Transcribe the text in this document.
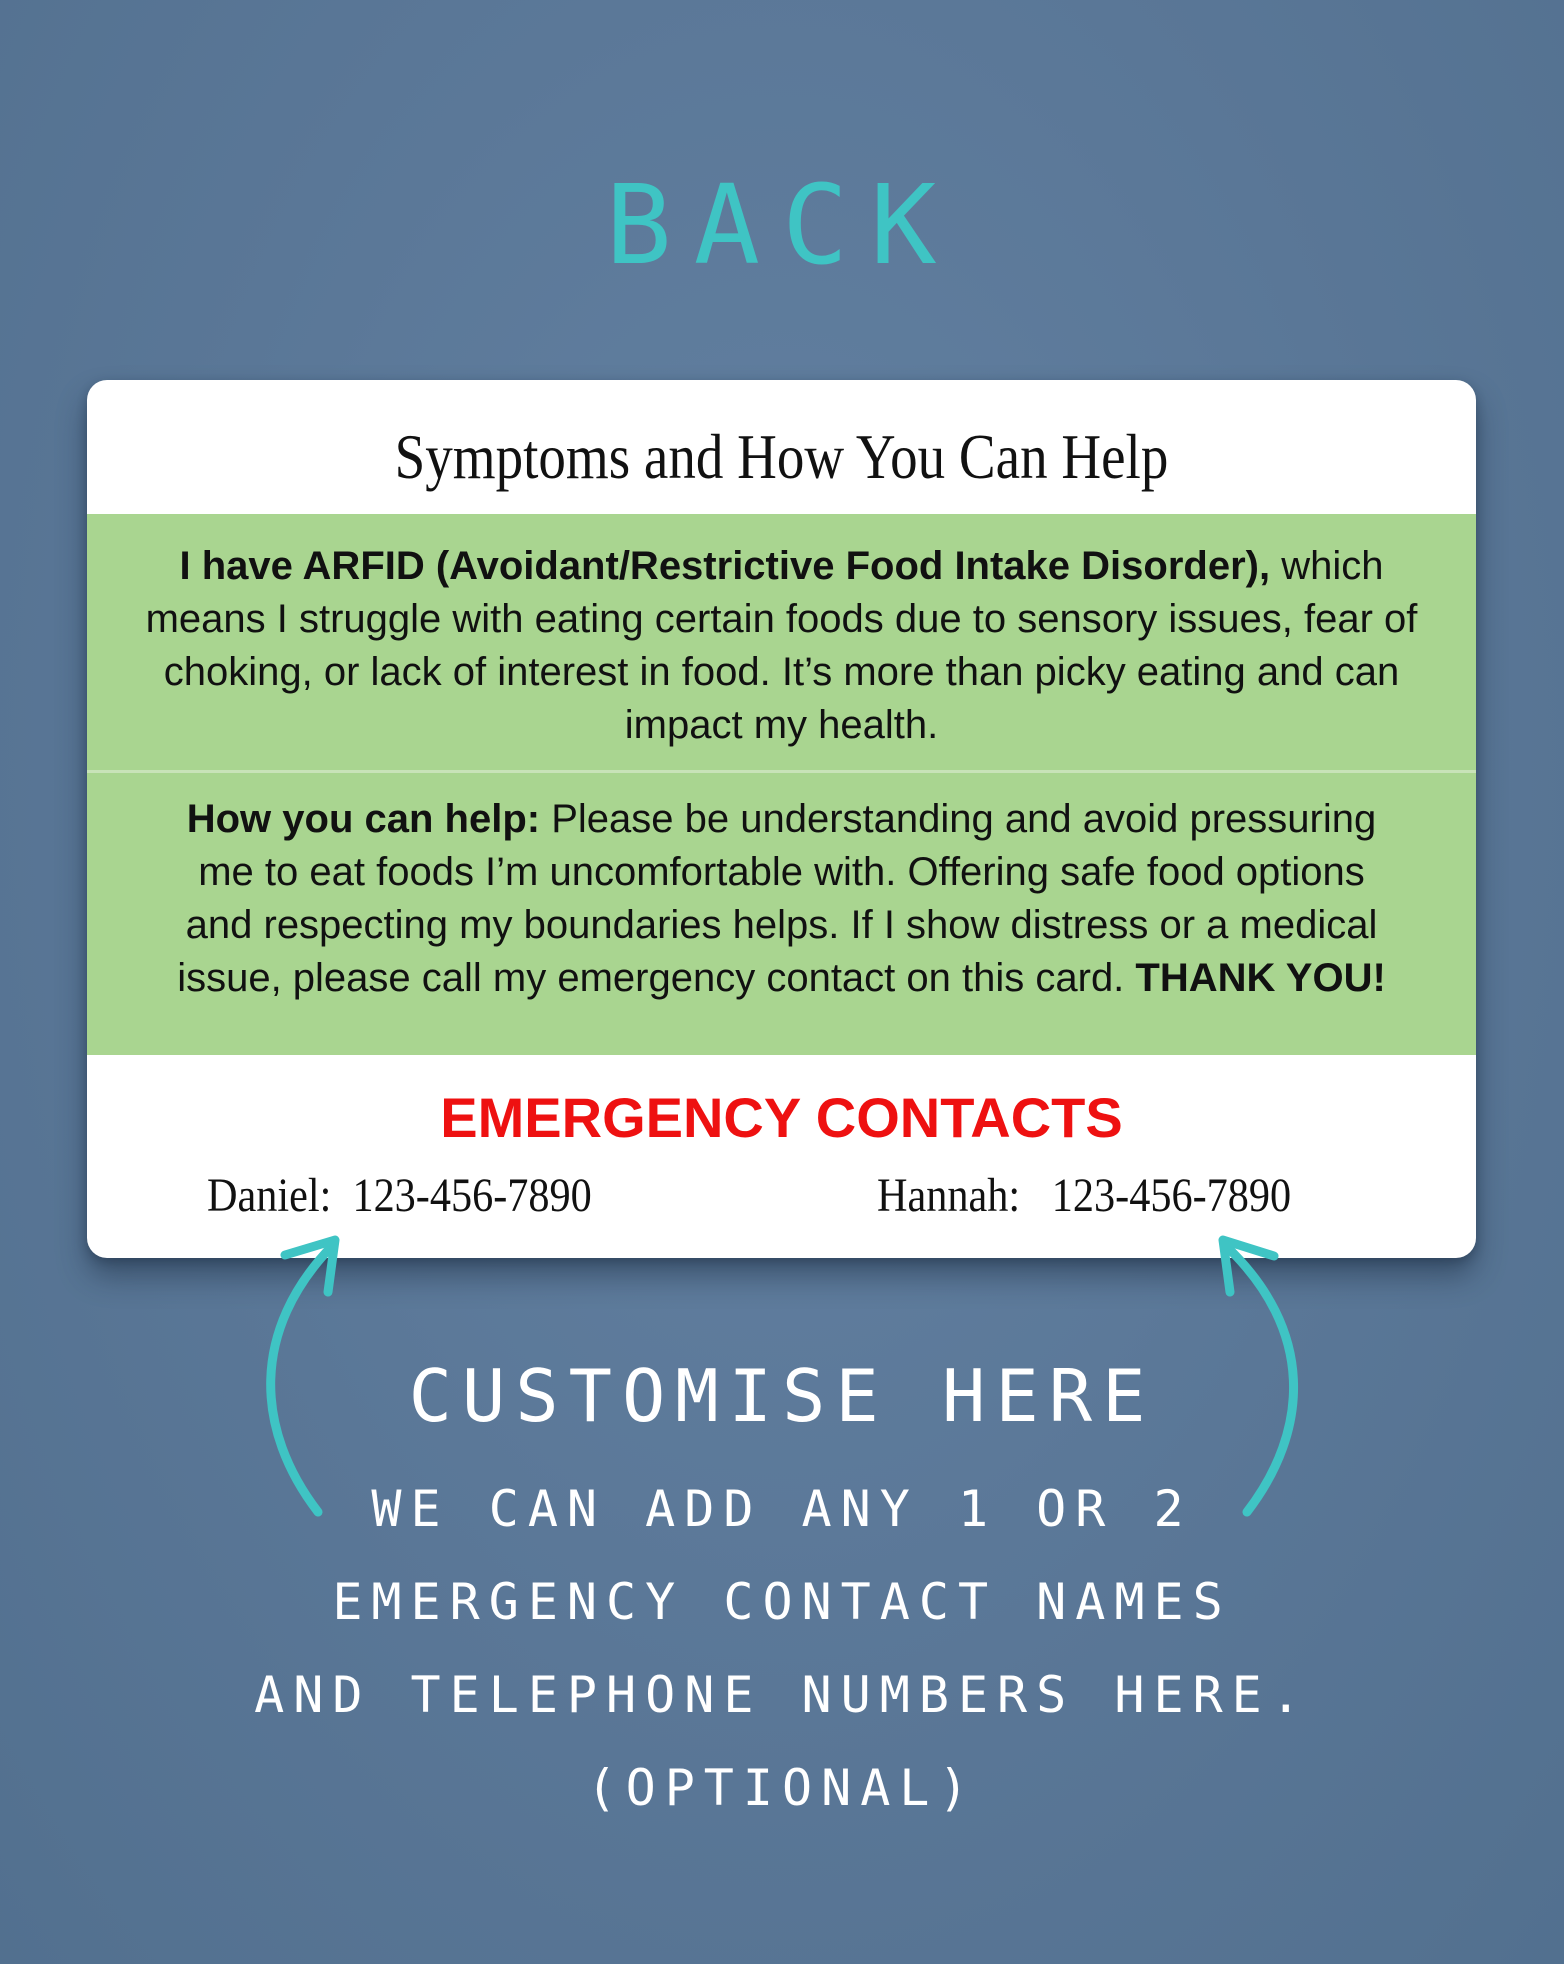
BACK
Symptoms and How You Can Help
I have ARFID (Avoidant/Restrictive Food Intake Disorder), which means I struggle with eating certain foods due to sensory issues, fear of choking, or lack of interest in food. It’s more than picky eating and can impact my health.
How you can help: Please be understanding and avoid pressuring me to eat foods I’m uncomfortable with. Offering safe food options and respecting my boundaries helps. If I show distress or a medical issue, please call my emergency contact on this card. THANK YOU!
EMERGENCY CONTACTS
Daniel: 123-456-7890	Hannah: 123-456-7890
CUSTOMISE HERE
WE CAN ADD ANY 1 OR 2
EMERGENCY CONTACT NAMES
AND TELEPHONE NUMBERS HERE.
(OPTIONAL)
